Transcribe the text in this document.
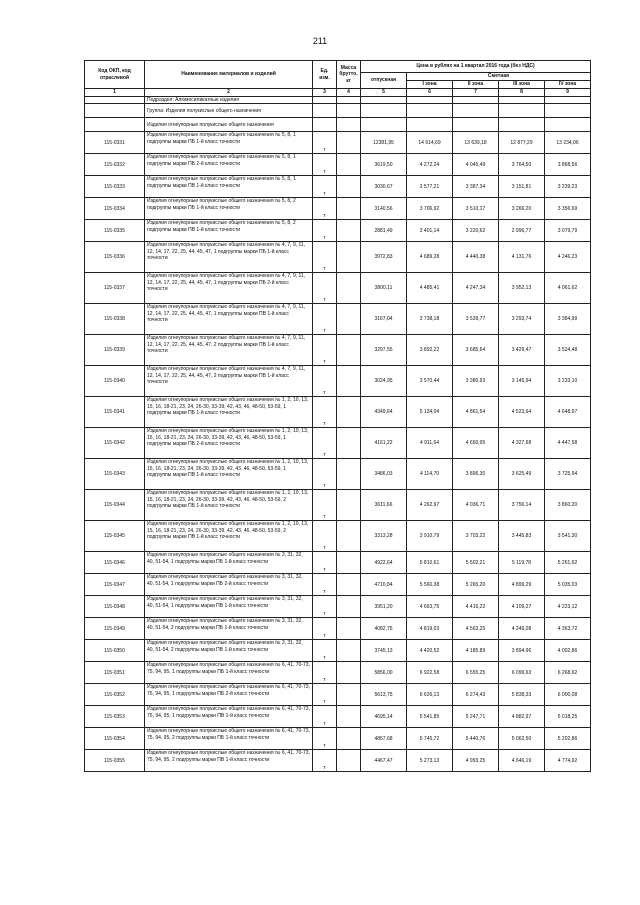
211
Код ОКП, код отраслевой	Наименование материалов и изделий	Ед. изм.	Масса брутто, кг	Цена в рублях на 1 квартал 2016 года (без НДС)				
				отпускная	Сметная			
					I зона	II зона	III зона	IV зона
1	2	3	4	5	6	7	8	9
	Подраздел: Алюмосиликатные изделия							
	Группа: Изделия полукислые общего назначения							
	Изделия огнеупорные полукислые общего назначения							
115-0331	Изделия огнеупорные полукислые общего назначения № 5, 8, 1 подгруппы марки ПБ 1-й класс точности	т		12381,95	14 614,69	13 639,18	12 877,29	13 234,06
115-0332	Изделия огнеупорные полукислые общего назначения № 5, 8, 1 подгруппы марки ПБ 2-й класс точности	т		3619,50	4 272,24	4 045,49	3 764,50	3 868,56
115-0333	Изделия огнеупорные полукислые общего назначения № 5, 8, 1 подгруппы марки ПВ 1-й класс точности	т		3030,67	3 577,21	3 387,34	3 151,81	3 239,23
115-0334	Изделия огнеупорные полукислые общего назначения № 5, 8, 2 подгруппы марки ПБ 1-й класс точности	т		3140,56	3 706,92	3 510,17	3 266,20	3 356,69
115-0335	Изделия огнеупорные полукислые общего назначения № 5, 8, 2 подгруппы марки ПВ 1-й класс точности	т		2881,49	3 401,14	3 220,62	2 996,77	3 079,79
115-0336	Изделия огнеупорные полукислые общего назначения № 4, 7, 9, 11, 12, 14, 17, 22, 25, 44, 45, 47, 1 подгруппы марки ПБ 1-й класс точности	т		3972,83	4 689,28	4 440,38	4 131,76	4 246,23
115-0337	Изделия огнеупорные полукислые общего назначения № 4, 7, 9, 11, 12, 14, 17, 22, 25, 44, 45, 47, 1 подгруппы марки ПБ 2-й класс точности	т		3800,11	4 485,41	4 247,34	3 952,13	4 061,62
115-0338	Изделия огнеупорные полукислые общего назначения № 4, 7, 9, 11, 12, 14, 17, 22, 25, 44, 45, 47, 1 подгруппы марки ПВ 1-й класс точности	т		3167,04	3 738,18	3 539,77	3 293,74	3 384,99
115-0339	Изделия огнеупорные полукислые общего назначения № 4, 7, 9, 11, 12, 14, 17, 22, 25, 44, 45, 47, 2 подгруппы марки ПВ 1-й класс точности	т		3297,55	3 892,22	3 685,64	3 429,47	3 524,48
115-0340	Изделия огнеупорные полукислые общего назначения № 4, 7, 9, 11, 12, 14, 17, 22, 25, 44, 45, 47, 2 подгруппы марки ПВ 1-й класс точности	т		3024,95	3 570,44	3 380,93	3 145,94	3 233,10
115-0341	Изделия огнеупорные полукислые общего назначения № 1, 2, 10, 13, 15, 16, 18-21, 23, 24, 26-30, 33-39, 42, 43, 46, 48-50, 53-59, 1 подгруппы марки ПБ 1-й класс точности	т		4349,64	5 134,04	4 861,54	4 523,64	4 648,97
115-0342	Изделия огнеупорные полукислые общего назначения № 1, 2, 10, 13, 15, 16, 18-21, 23, 24, 26-30, 33-39, 42, 43, 46, 48-50, 53-59, 1 подгруппы марки ПБ 2-й класс точности	т		4161,22	4 911,64	4 650,95	4 327,68	4 447,58
115-0343	Изделия огнеупорные полукислые общего назначения № 1, 2, 10, 13, 15, 16, 18-21, 23, 24, 26-30, 33-39, 42, 43, 46, 48-50, 53-59, 1 подгруппы марки ПВ 1-й класс точности	т		3486,03	4 114,70	3 896,30	3 625,49	3 725,94
115-0344	Изделия огнеупорные полукислые общего назначения № 1, 2, 10, 13, 15, 16, 18-21, 23, 24, 26-30, 33-39, 42, 43, 46, 48-50, 53-59, 2 подгруппы марки ПБ 1-й класс точности	т		3611,66	4 262,97	4 036,71	3 756,14	3 860,20
115-0345	Изделия огнеупорные полукислые общего назначения № 1, 2, 10, 13, 15, 16, 18-21, 23, 24, 26-30, 33-39, 42, 43, 46, 48-50, 53-59, 2 подгруппы марки ПВ 1-й класс точности	т		3313,28	3 910,79	3 703,22	3 445,83	3 541,30
115-0346	Изделия огнеупорные полукислые общего назначения № 3, 31, 32, 40, 51-54, 1 подгруппы марки ПБ 1-й класс точности	т		4922,64	5 810,61	5 502,21	5 119,78	5 261,62
115-0347	Изделия огнеупорные полукислые общего назначения № 3, 31, 32, 40, 51-54, 1 подгруппы марки ПБ 2-й класс точности	т		4710,84	5 560,38	5 265,20	4 899,29	5 035,03
115-0348	Изделия огнеупорные полукислые общего назначения № 3, 31, 32, 40, 51-54, 1 подгруппы марки ПВ 1-й класс точности	т		3951,20	4 663,75	4 416,22	4 109,27	4 223,12
115-0349	Изделия огнеупорные полукислые общего назначения № 3, 31, 32, 40, 51-54, 2 подгруппы марки ПБ 1-й класс точности	т		4082,75	4 819,03	4 563,25	4 246,08	4 363,72
115-0350	Изделия огнеупорные полукислые общего назначения № 3, 31, 32, 40, 51-54, 2 подгруппы марки ПВ 1-й класс точности	т		3745,13	4 420,52	4 185,89	3 894,96	4 002,86
115-0351	Изделия огнеупорные полукислые общего назначения № 6, 41, 70-73, 75, 94, 95, 1 подгруппы марки ПБ 1-й класс точности	т		5856,00	6 922,58	6 555,25	6 099,63	6 268,62
115-0352	Изделия огнеупорные полукислые общего назначения № 6, 41, 70-73, 75, 94, 95, 1 подгруппы марки ПБ 2-й класс точности	т		5613,75	6 626,13	6 274,43	5 838,33	6 000,08
115-0353	Изделия огнеупорные полукислые общего назначения № 6, 41, 70-73, 75, 94, 95, 1 подгруппы марки ПВ 1-й класс точности	т		4695,14	5 541,85	5 247,71	4 882,97	5 018,25
115-0354	Изделия огнеупорные полукислые общего назначения № 6, 41, 70-73, 75, 94, 95, 2 подгруппы марки ПБ 1-й класс точности	т		4867,68	5 745,72	5 440,76	5 062,50	5 202,86
115-0355	Изделия огнеупорные полукислые общего назначения № 6, 41, 70-73, 75, 94, 95, 2 подгруппы марки ПВ 1-й класс точности	т		4467,47	5 273,13	4 993,25	4 646,19	4 774,92
